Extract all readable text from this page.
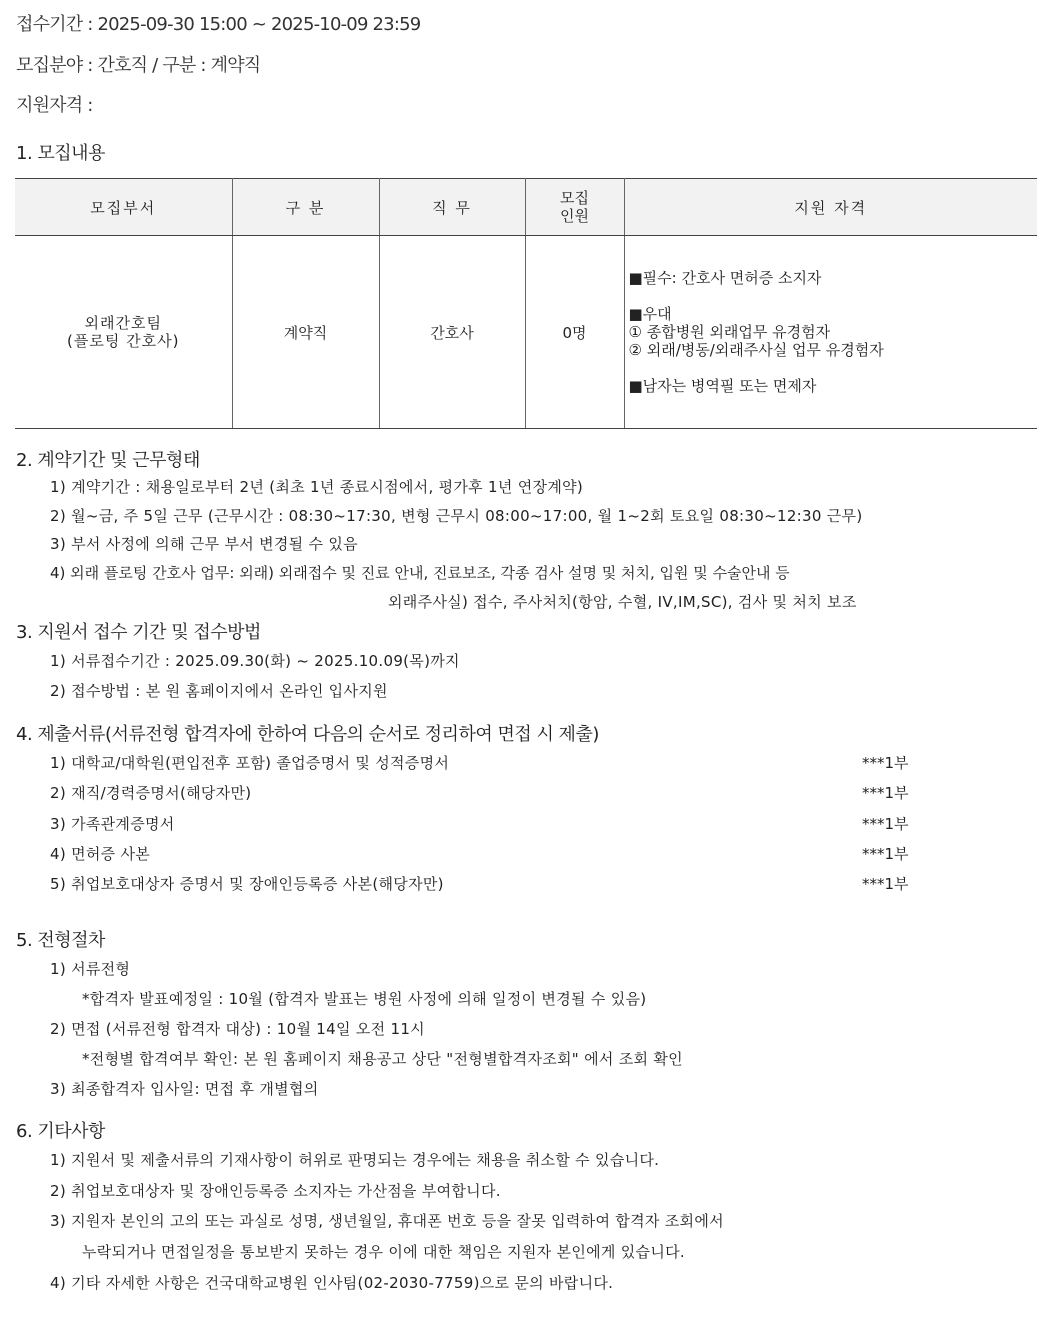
접수기간 : 2025-09-30 15:00 ~ 2025-10-09 23:59
모집분야 : 간호직 / 구분 : 계약직
지원자격 :
1. 모집내용
모집부서	구 분	직 무	모집
인원	지원 자격

외래간호팀
(플로팅 간호사)	계약직	간호사	0명	■필수: 간호사 면허증 소지자
■우대
① 종합병원 외래업무 유경험자
② 외래/병동/외래주사실 업무 유경험자
■남자는 병역필 또는 면제자
2. 계약기간 및 근무형태
1) 계약기간 : 채용일로부터 2년 (최초 1년 종료시점에서, 평가후 1년 연장계약)
2) 월~금, 주 5일 근무 (근무시간 : 08:30~17:30, 변형 근무시 08:00~17:00, 월 1~2회 토요일 08:30~12:30 근무)
3) 부서 사정에 의해 근무 부서 변경될 수 있음
4) 외래 플로팅 간호사 업무: 외래) 외래접수 및 진료 안내, 진료보조, 각종 검사 설명 및 처치, 입원 및 수술안내 등
외래주사실) 접수, 주사처치(항암, 수혈, IV,IM,SC), 검사 및 처치 보조
3. 지원서 접수 기간 및 접수방법
1) 서류접수기간 : 2025.09.30(화) ~ 2025.10.09(목)까지
2) 접수방법 : 본 원 홈페이지에서 온라인 입사지원
4. 제출서류(서류전형 합격자에 한하여 다음의 순서로 정리하여 면접 시 제출)
1) 대학교/대학원(편입전후 포함) 졸업증명서 및 성적증명서	***1부
2) 재직/경력증명서(해당자만)	***1부
3) 가족관계증명서	***1부
4) 면허증 사본	***1부
5) 취업보호대상자 증명서 및 장애인등록증 사본(해당자만)	***1부
5. 전형절차
1) 서류전형
*합격자 발표예정일 : 10월 (합격자 발표는 병원 사정에 의해 일정이 변경될 수 있음)
2) 면접 (서류전형 합격자 대상) : 10월 14일 오전 11시
*전형별 합격여부 확인: 본 원 홈페이지 채용공고 상단 "전형별합격자조회" 에서 조회 확인
3) 최종합격자 입사일: 면접 후 개별협의
6. 기타사항
1) 지원서 및 제출서류의 기재사항이 허위로 판명되는 경우에는 채용을 취소할 수 있습니다.
2) 취업보호대상자 및 장애인등록증 소지자는 가산점을 부여합니다.
3) 지원자 본인의 고의 또는 과실로 성명, 생년월일, 휴대폰 번호 등을 잘못 입력하여 합격자 조회에서
누락되거나 면접일정을 통보받지 못하는 경우 이에 대한 책임은 지원자 본인에게 있습니다.
4) 기타 자세한 사항은 건국대학교병원 인사팀(02-2030-7759)으로 문의 바랍니다.
